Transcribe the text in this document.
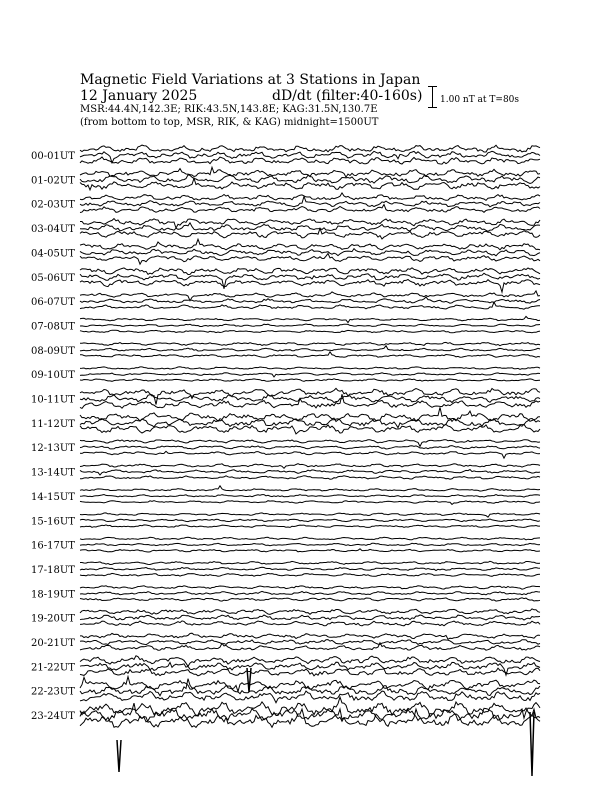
Magnetic Field Variations at 3 Stations in Japan
12 January 2025	dD/dt (filter:40-160s)
MSR:44.4N,142.3E; RIK:43.5N,143.8E; KAG:31.5N,130.7E
(from bottom to top, MSR, RIK, & KAG) midnight=1500UT
1.00 nT at T=80s
00-01UT
01-02UT
02-03UT
03-04UT
04-05UT
05-06UT
06-07UT
07-08UT
08-09UT
09-10UT
10-11UT
11-12UT
12-13UT
13-14UT
14-15UT
15-16UT
16-17UT
17-18UT
18-19UT
19-20UT
20-21UT
21-22UT
22-23UT
23-24UT
